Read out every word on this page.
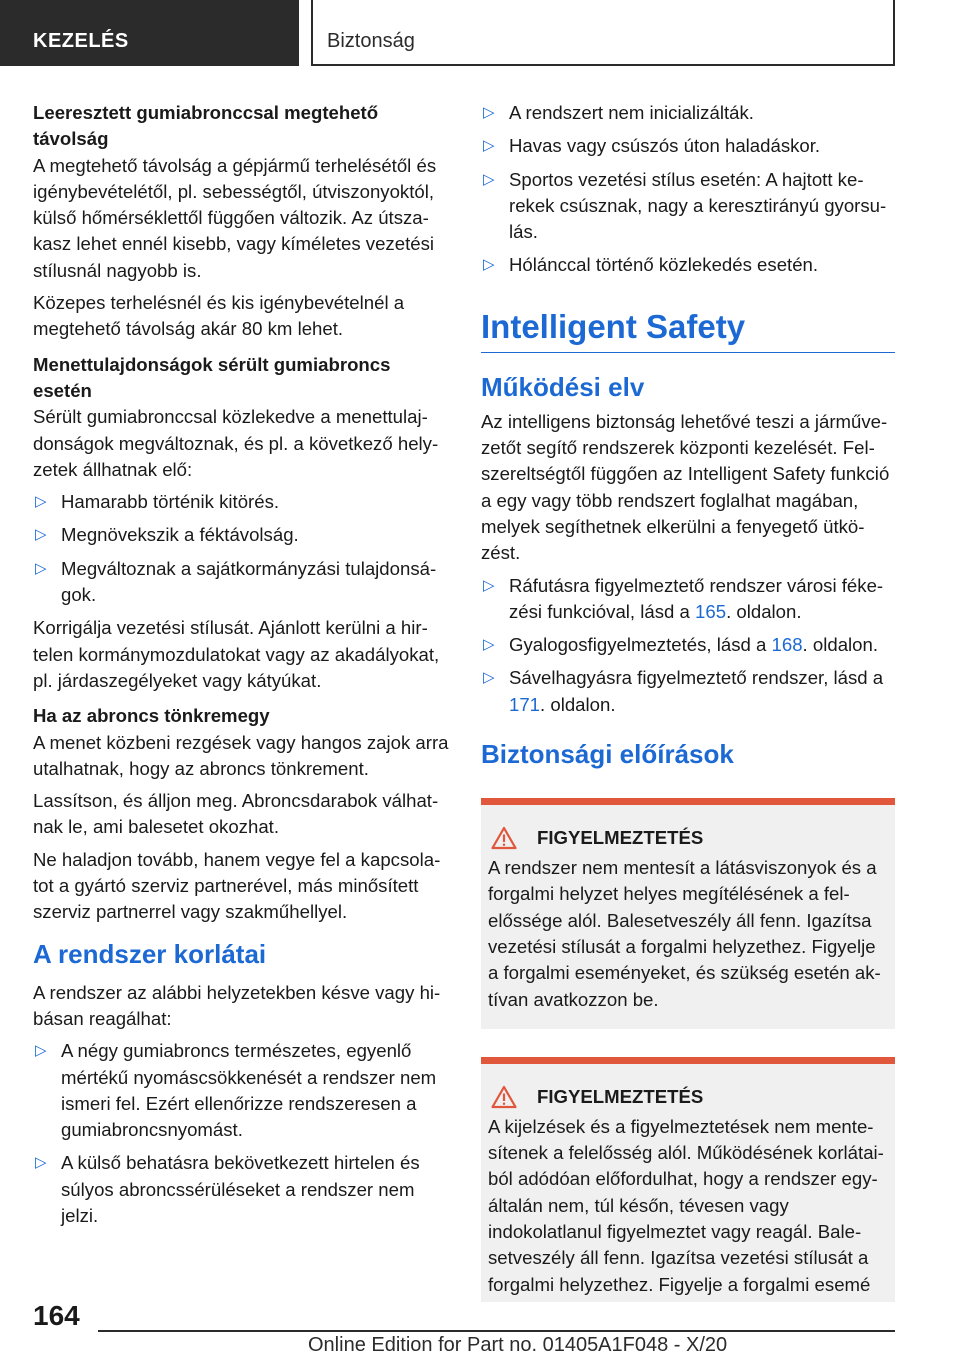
KEZELÉS	Biztonság
Leeresztett gumiabronccsal megtehető távolság

A megtehető távolság a gépjármű terhelésétől és igénybevételétől, pl. sebességtől, útviszonyoktól, külső hőmérséklettől függően változik. Az útszakasz lehet ennél kisebb, vagy kíméletes vezetési stílusnál nagyobb is.

Közepes terhelésnél és kis igénybevételnél a megtehető távolság akár 80 km lehet.

Menettulajdonságok sérült gumiabroncs esetén

Sérült gumiabronccsal közlekedve a menettulajdonságok megváltoznak, és pl. a következő helyzetek állhatnak elő:

▷ Hamarabb történik kitörés.
▷ Megnövekszik a féktávolság.
▷ Megváltoznak a sajátkormányzási tulajdonságok.

Korrigálja vezetési stílusát. Ajánlott kerülni a hirtelen kormánymozdulatokat vagy az akadályokat, pl. járdaszegélyeket vagy kátyúkat.

Ha az abroncs tönkremegy

A menet közbeni rezgések vagy hangos zajok arra utalhatnak, hogy az abroncs tönkrement.

Lassítson, és álljon meg. Abroncsdarabok válhatnak le, ami balesetet okozhat.

Ne haladjon tovább, hanem vegye fel a kapcsolatot a gyártó szerviz partnerével, más minősített szerviz partnerrel vagy szakműhellyel.

A rendszer korlátai

A rendszer az alábbi helyzetekben késve vagy hibásan reagálhat:

▷ A négy gumiabroncs természetes, egyenlő mértékű nyomáscsökkenését a rendszer nem ismeri fel. Ezért ellenőrizze rendszeresen a gumiabroncsnyomást.
▷ A külső behatásra bekövetkezett hirtelen és súlyos abroncssérüléseket a rendszer nem jelzi.
▷ A rendszert nem inicializálták.
▷ Havas vagy csúszós úton haladáskor.
▷ Sportos vezetési stílus esetén: A hajtott kerekek csúsznak, nagy a keresztirányú gyorsulás.
▷ Hólánccal történő közlekedés esetén.
Intelligent Safety
Működési elv

Az intelligens biztonság lehetővé teszi a járművezetőt segítő rendszerek központi kezelését. Felszereltségtől függően az Intelligent Safety funkció a egy vagy több rendszert foglalhat magában, melyek segíthetnek elkerülni a fenyegető ütközést.

▷ Ráfutásra figyelmeztető rendszer városi fékezési funkcióval, lásd a 165. oldalon.
▷ Gyalogosfigyelmeztetés, lásd a 168. oldalon.
▷ Sávelhagyásra figyelmeztető rendszer, lásd a 171. oldalon.
Biztonsági előírások
FIGYELMEZTETÉS

A rendszer nem mentesít a látásviszonyok és a forgalmi helyzet helyes megítélésének a felelőssége alól. Balesetveszély áll fenn. Igazítsa vezetési stílusát a forgalmi helyzethez. Figyelje a forgalmi eseményeket, és szükség esetén aktívan avatkozzon be.

FIGYELMEZTETÉS

A kijelzések és a figyelmeztetések nem mentesítenek a felelősség alól. Működésének korlátaiból adódóan előfordulhat, hogy a rendszer egyáltalán nem, túl későn, tévesen vagy indokolatlanul figyelmeztet vagy reagál. Balesetveszély áll fenn. Igazítsa vezetési stílusát a forgalmi helyzethez. Figyelje a forgalmi esemé

164
Online Edition for Part no. 01405A1F048 - X/20
